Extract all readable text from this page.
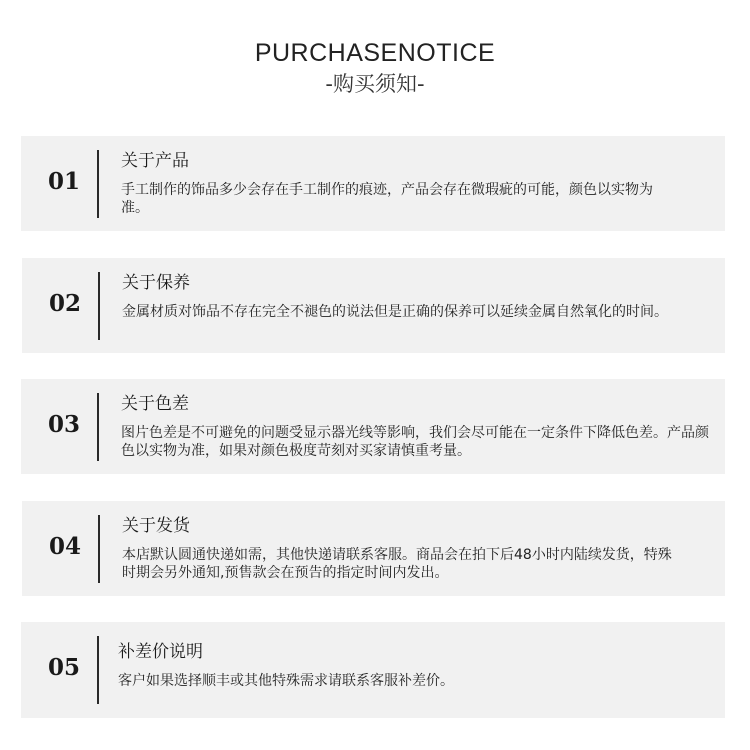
PURCHASENOTICE
-购买须知-
01
关于产品
手工制作的饰品多少会存在手工制作的痕迹，产品会存在微瑕疵的可能，颜色以实物为准。
02
关于保养
金属材质对饰品不存在完全不褪色的说法但是正确的保养可以延续金属自然氧化的时间。
03
关于色差
图片色差是不可避免的问题受显示器光线等影响，我们会尽可能在一定条件下降低色差。产品颜色以实物为准，如果对颜色极度苛刻对买家请慎重考量。
04
关于发货
本店默认圆通快递如需，其他快递请联系客服。商品会在拍下后48小时内陆续发货，特殊时期会另外通知,预售款会在预告的指定时间内发出。
05
补差价说明
客户如果选择顺丰或其他特殊需求请联系客服补差价。
